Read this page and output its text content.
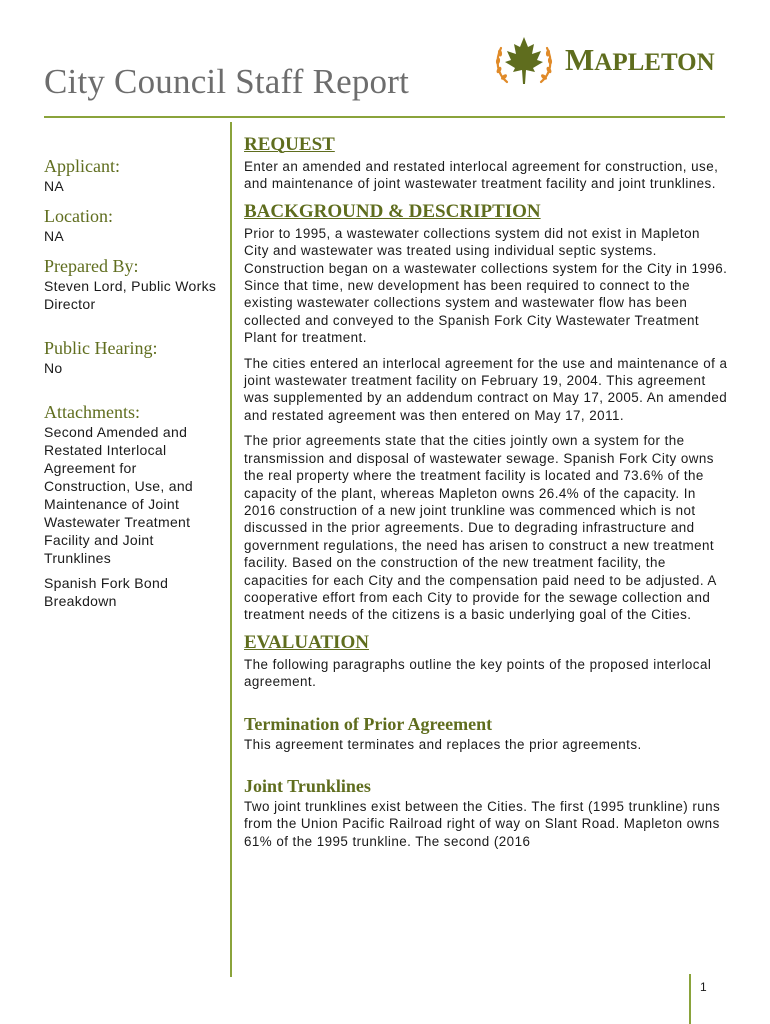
City Council Staff Report
MAPLETON

Applicant:

NA

Location:

NA

Prepared By:

Steven Lord, Public Works Director

Public Hearing:

No

Attachments:

Second Amended and Restated Interlocal Agreement for Construction, Use, and Maintenance of Joint Wastewater Treatment Facility and Joint Trunklines

Spanish Fork Bond Breakdown

REQUEST

Enter an amended and restated interlocal agreement for construction, use, and maintenance of joint wastewater treatment facility and joint trunklines.

BACKGROUND & DESCRIPTION

Prior to 1995, a wastewater collections system did not exist in Mapleton City and wastewater was treated using individual septic systems. Construction began on a wastewater collections system for the City in 1996. Since that time, new development has been required to connect to the existing wastewater collections system and wastewater flow has been collected and conveyed to the Spanish Fork City Wastewater Treatment Plant for treatment.

The cities entered an interlocal agreement for the use and maintenance of a joint wastewater treatment facility on February 19, 2004. This agreement was supplemented by an addendum contract on May 17, 2005. An amended and restated agreement was then entered on May 17, 2011.

The prior agreements state that the cities jointly own a system for the transmission and disposal of wastewater sewage. Spanish Fork City owns the real property where the treatment facility is located and 73.6% of the capacity of the plant, whereas Mapleton owns 26.4% of the capacity. In 2016 construction of a new joint trunkline was commenced which is not discussed in the prior agreements. Due to degrading infrastructure and government regulations, the need has arisen to construct a new treatment facility. Based on the construction of the new treatment facility, the capacities for each City and the compensation paid need to be adjusted. A cooperative effort from each City to provide for the sewage collection and treatment needs of the citizens is a basic underlying goal of the Cities.

EVALUATION

The following paragraphs outline the key points of the proposed interlocal agreement.

Termination of Prior Agreement

This agreement terminates and replaces the prior agreements.

Joint Trunklines

Two joint trunklines exist between the Cities. The first (1995 trunkline) runs from the Union Pacific Railroad right of way on Slant Road. Mapleton owns 61% of the 1995 trunkline. The second (2016

1
